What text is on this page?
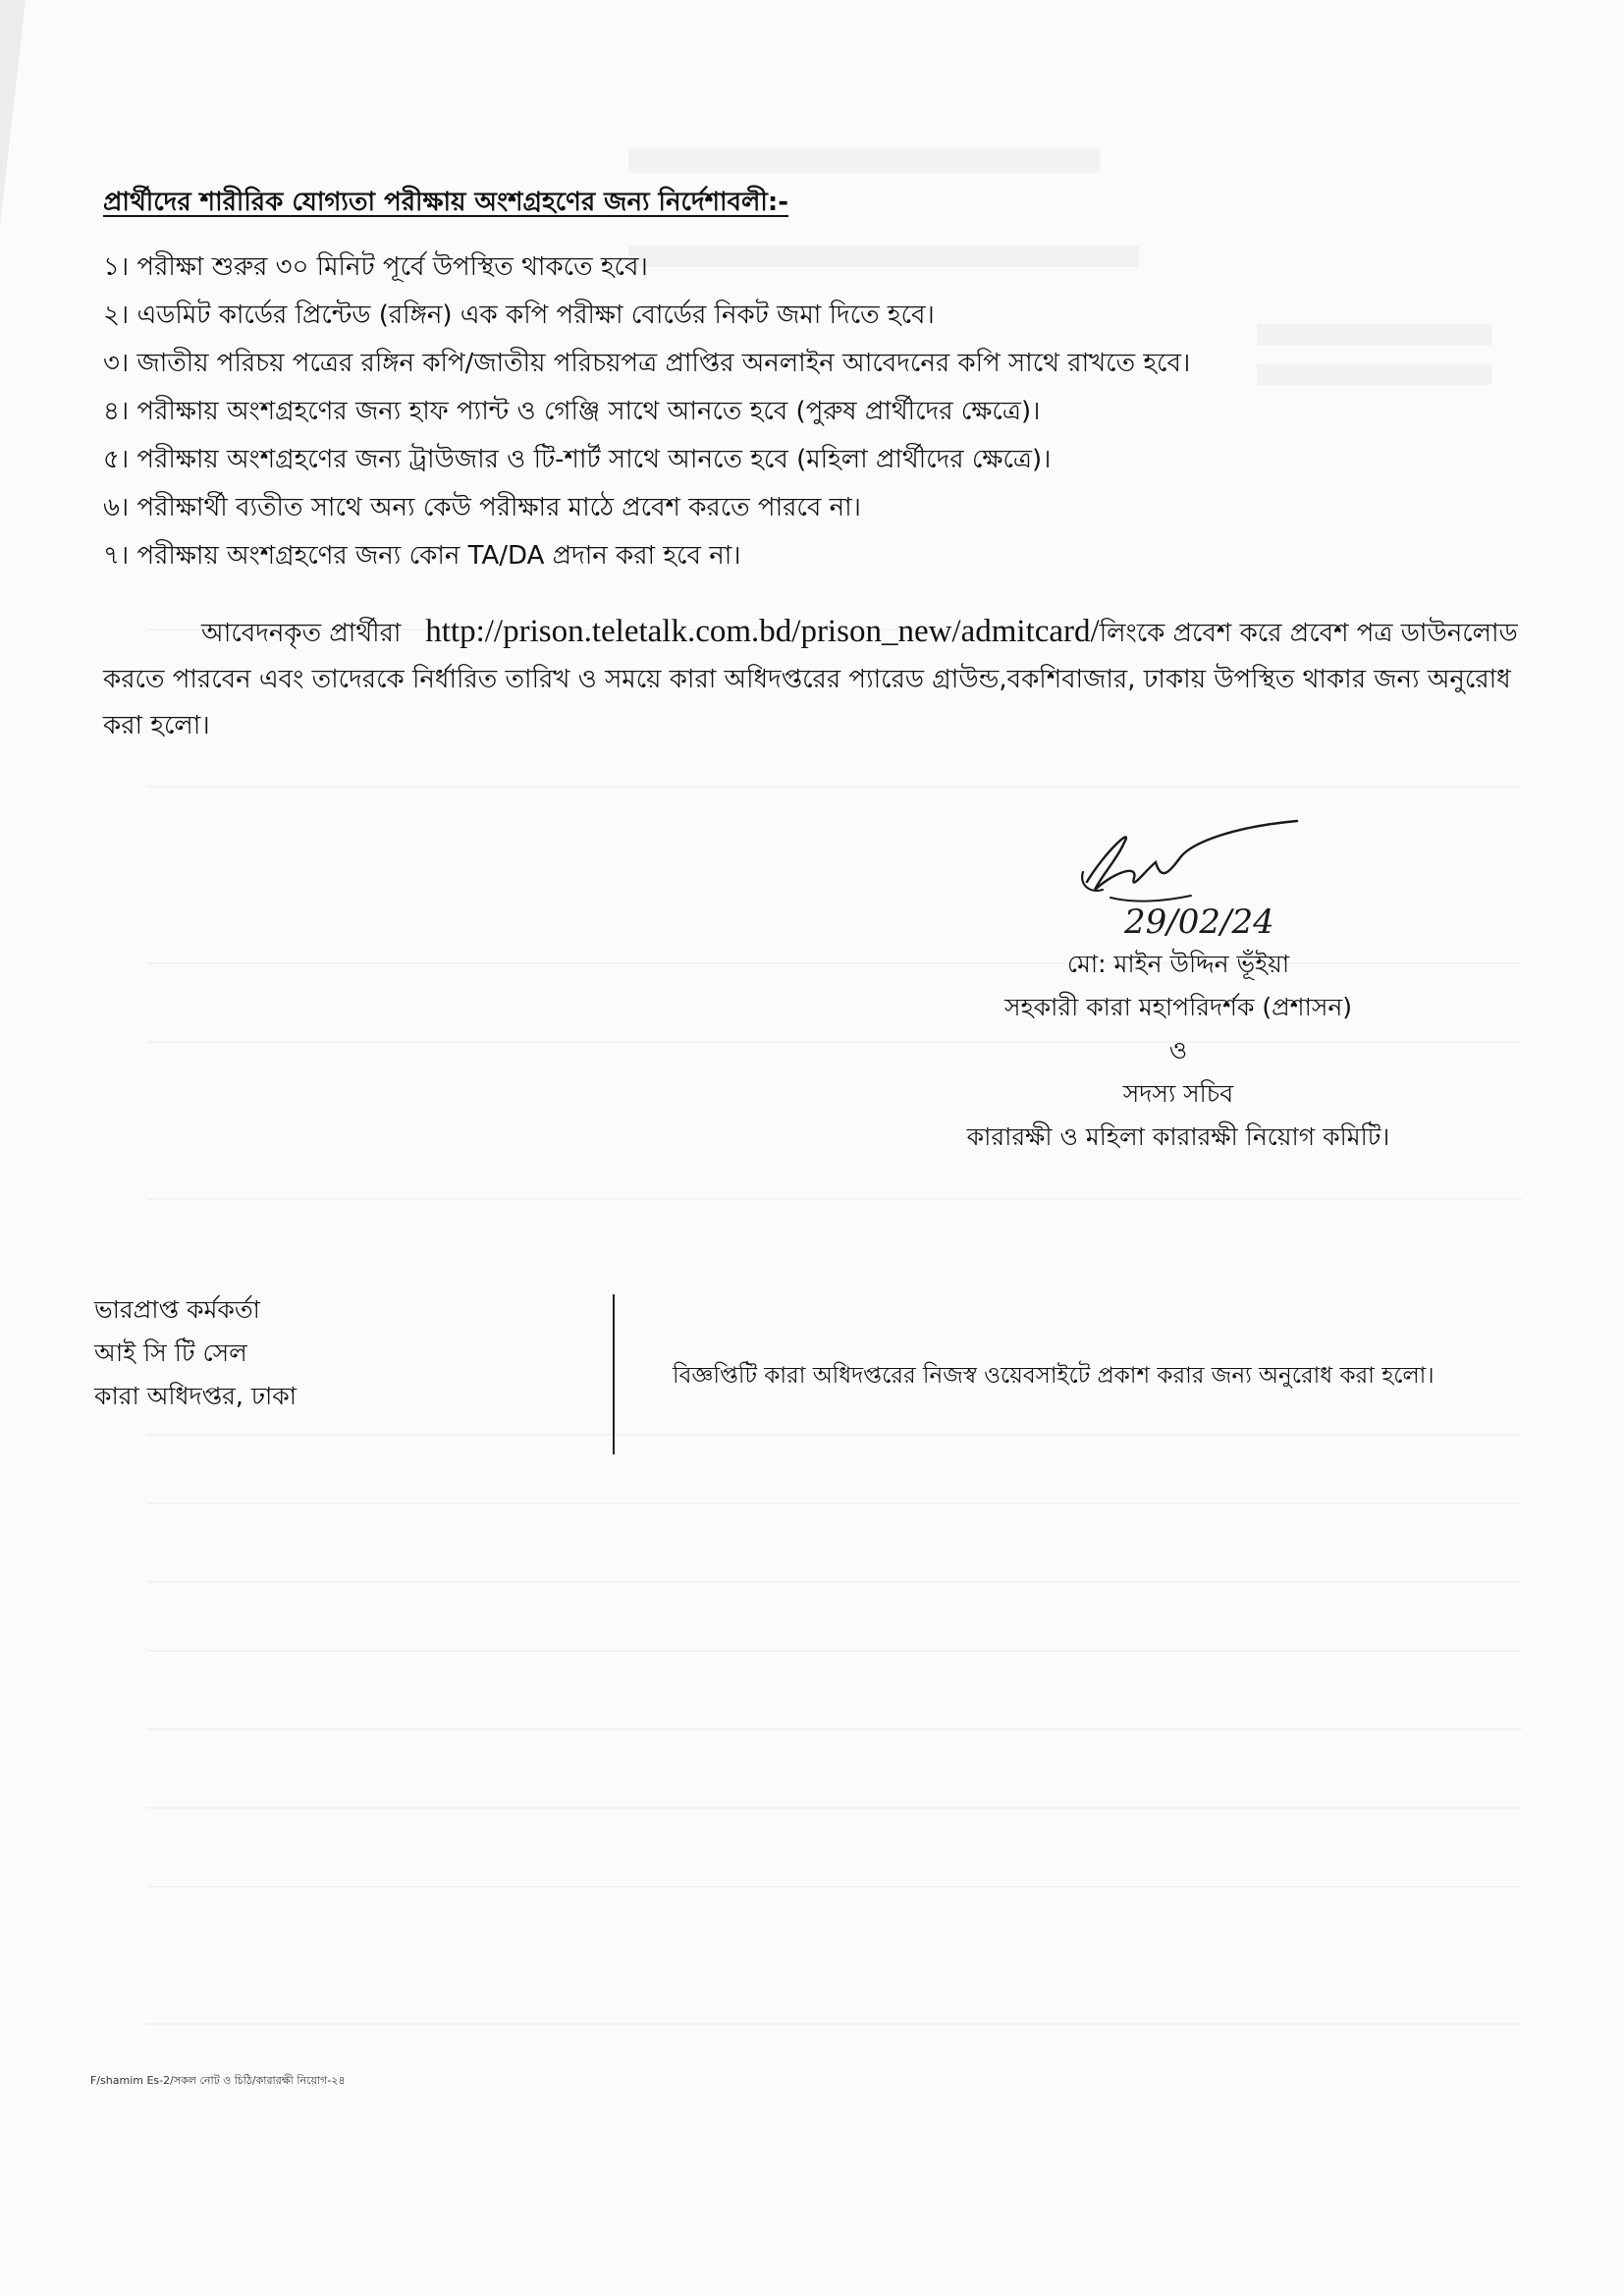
প্রার্থীদের শারীরিক যোগ্যতা পরীক্ষায় অংশগ্রহণের জন্য নির্দেশাবলী:-
১। পরীক্ষা শুরুর ৩০ মিনিট পূর্বে উপস্থিত থাকতে হবে।
২। এডমিট কার্ডের প্রিন্টেড (রঙ্গিন) এক কপি পরীক্ষা বোর্ডের নিকট জমা দিতে হবে।
৩। জাতীয় পরিচয় পত্রের রঙ্গিন কপি/জাতীয় পরিচয়পত্র প্রাপ্তির অনলাইন আবেদনের কপি সাথে রাখতে হবে।
৪। পরীক্ষায় অংশগ্রহণের জন্য হাফ প্যান্ট ও গেঞ্জি সাথে আনতে হবে (পুরুষ প্রার্থীদের ক্ষেত্রে)।
৫। পরীক্ষায় অংশগ্রহণের জন্য ট্রাউজার ও টি-শার্ট সাথে আনতে হবে (মহিলা প্রার্থীদের ক্ষেত্রে)।
৬। পরীক্ষার্থী ব্যতীত সাথে অন্য কেউ পরীক্ষার মাঠে প্রবেশ করতে পারবে না।
৭। পরীক্ষায় অংশগ্রহণের জন্য কোন TA/DA প্রদান করা হবে না।
আবেদনকৃত প্রার্থীরা http://prison.teletalk.com.bd/prison_new/admitcard/লিংকে প্রবেশ করে প্রবেশ পত্র ডাউনলোড করতে পারবেন এবং তাদেরকে নির্ধারিত তারিখ ও সময়ে কারা অধিদপ্তরের প্যারেড গ্রাউন্ড,বকশিবাজার, ঢাকায় উপস্থিত থাকার জন্য অনুরোধ করা হলো।
29/02/24
মো: মাইন উদ্দিন ভূঁইয়া
সহকারী কারা মহাপরিদর্শক (প্রশাসন)
ও
সদস্য সচিব
কারারক্ষী ও মহিলা কারারক্ষী নিয়োগ কমিটি।
ভারপ্রাপ্ত কর্মকর্তা
আই সি টি সেল
কারা অধিদপ্তর, ঢাকা
বিজ্ঞপ্তিটি কারা অধিদপ্তরের নিজস্ব ওয়েবসাইটে প্রকাশ করার জন্য অনুরোধ করা হলো।
F/shamim Es-2/সকল নোট ও চিঠি/কারারক্ষী নিয়োগ-২৪
